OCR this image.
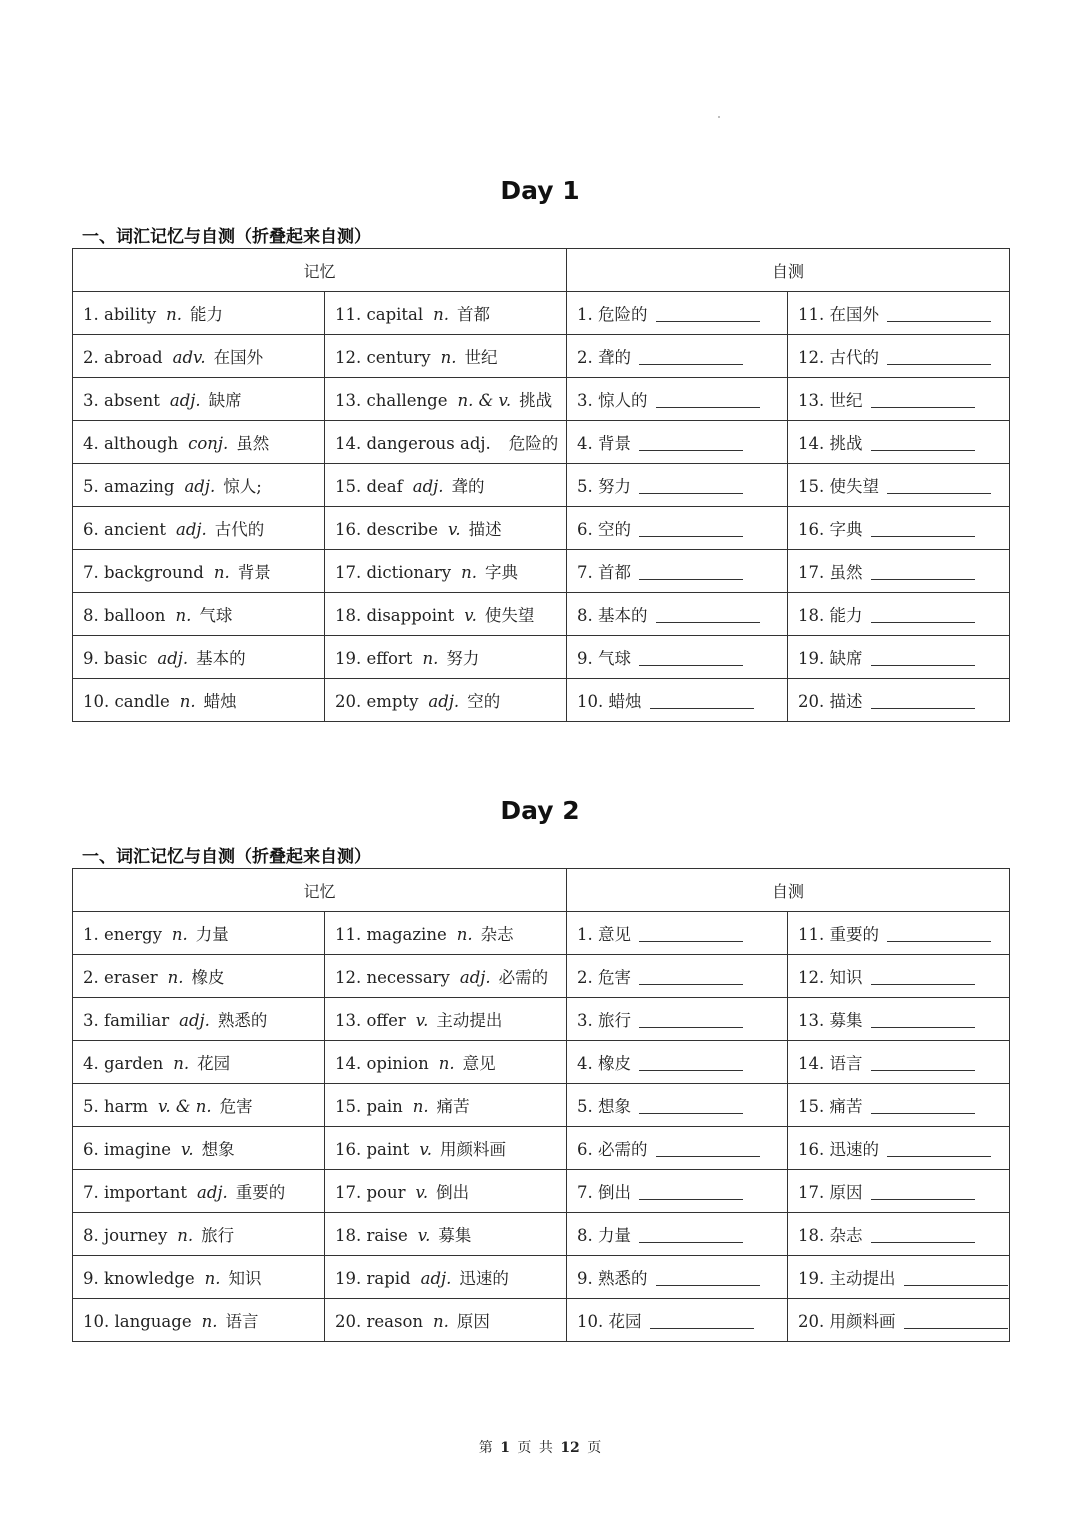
Day 1
一、词汇记忆与自测（折叠起来自测）
记忆		自测	
1. ability n. 能力	11. capital n. 首都	1. 危险的	11. 在国外
2. abroad adv. 在国外	12. century n. 世纪	2. 聋的	12. 古代的
3. absent adj. 缺席	13. challenge n. & v. 挑战	3. 惊人的	13. 世纪
4. although conj. 虽然	14. dangerous adj. 危险的	4. 背景	14. 挑战
5. amazing adj. 惊人;	15. deaf adj. 聋的	5. 努力	15. 使失望
6. ancient adj. 古代的	16. describe v. 描述	6. 空的	16. 字典
7. background n. 背景	17. dictionary n. 字典	7. 首都	17. 虽然
8. balloon n. 气球	18. disappoint v. 使失望	8. 基本的	18. 能力
9. basic adj. 基本的	19. effort n. 努力	9. 气球	19. 缺席
10. candle n. 蜡烛	20. empty adj. 空的	10. 蜡烛	20. 描述
Day 2
一、词汇记忆与自测（折叠起来自测）
记忆		自测	
1. energy n. 力量	11. magazine n. 杂志	1. 意见	11. 重要的
2. eraser n. 橡皮	12. necessary adj. 必需的	2. 危害	12. 知识
3. familiar adj. 熟悉的	13. offer v. 主动提出	3. 旅行	13. 募集
4. garden n. 花园	14. opinion n. 意见	4. 橡皮	14. 语言
5. harm v. & n. 危害	15. pain n. 痛苦	5. 想象	15. 痛苦
6. imagine v. 想象	16. paint v. 用颜料画	6. 必需的	16. 迅速的
7. important adj. 重要的	17. pour v. 倒出	7. 倒出	17. 原因
8. journey n. 旅行	18. raise v. 募集	8. 力量	18. 杂志
9. knowledge n. 知识	19. rapid adj. 迅速的	9. 熟悉的	19. 主动提出
10. language n. 语言	20. reason n. 原因	10. 花园	20. 用颜料画
第 1 页 共 12 页
